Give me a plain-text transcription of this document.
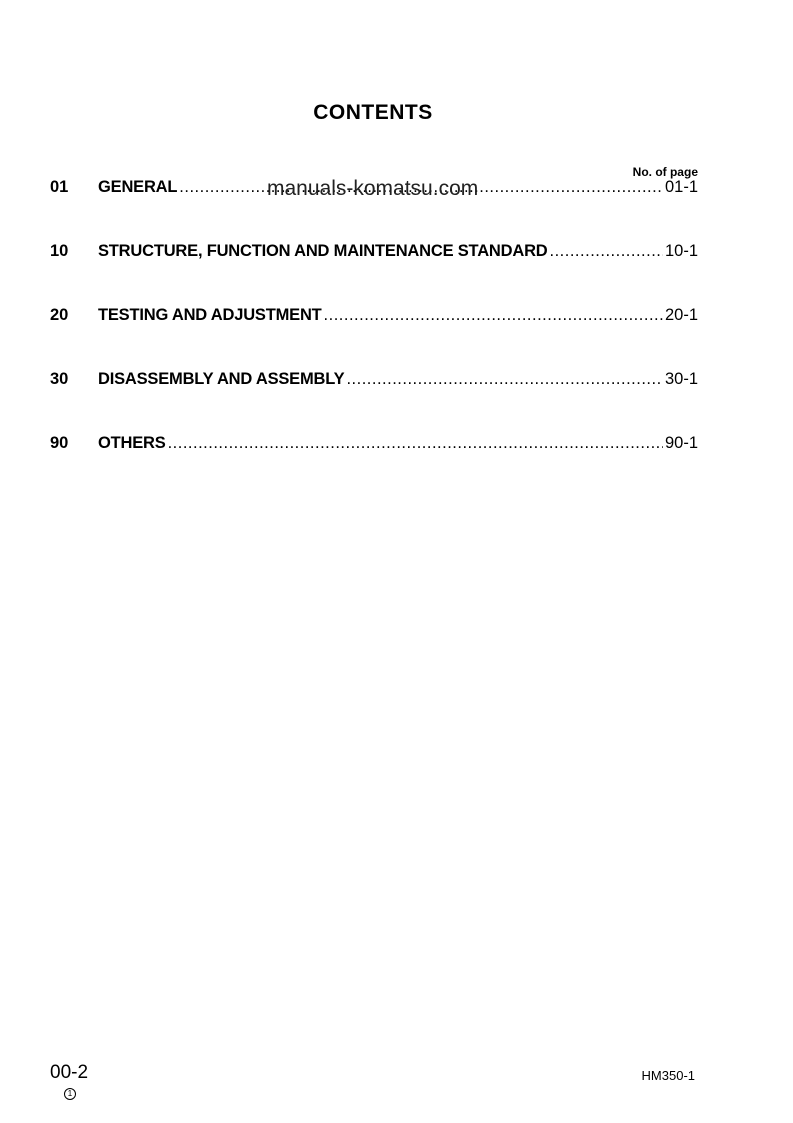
CONTENTS
No. of page
01	GENERAL .....	01-1
10	STRUCTURE, FUNCTION AND MAINTENANCE STANDARD .....	10-1
20	TESTING AND ADJUSTMENT .....	20-1
30	DISASSEMBLY AND ASSEMBLY .....	30-1
90	OTHERS .....	90-1
manuals-komatsu.com
00-2
1
HM350-1
